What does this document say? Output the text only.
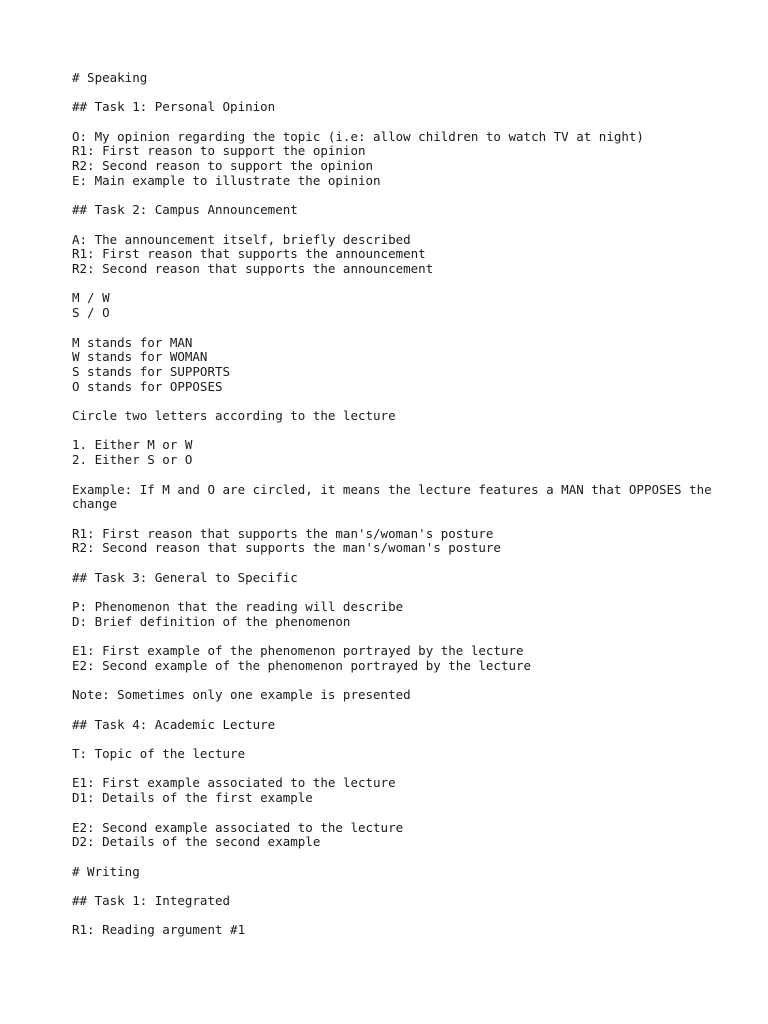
# Speaking
## Task 1: Personal Opinion
O: My opinion regarding the topic (i.e: allow children to watch TV at night)
R1: First reason to support the opinion
R2: Second reason to support the opinion
E: Main example to illustrate the opinion
## Task 2: Campus Announcement
A: The announcement itself, briefly described
R1: First reason that supports the announcement
R2: Second reason that supports the announcement
M / W
S / O
M stands for MAN
W stands for WOMAN
S stands for SUPPORTS
O stands for OPPOSES
Circle two letters according to the lecture
1. Either M or W
2. Either S or O
Example: If M and O are circled, it means the lecture features a MAN that OPPOSES the change
R1: First reason that supports the man's/woman's posture
R2: Second reason that supports the man's/woman's posture
## Task 3: General to Specific
P: Phenomenon that the reading will describe
D: Brief definition of the phenomenon
E1: First example of the phenomenon portrayed by the lecture
E2: Second example of the phenomenon portrayed by the lecture
Note: Sometimes only one example is presented
## Task 4: Academic Lecture
T: Topic of the lecture
E1: First example associated to the lecture
D1: Details of the first example
E2: Second example associated to the lecture
D2: Details of the second example
# Writing
## Task 1: Integrated
R1: Reading argument #1
